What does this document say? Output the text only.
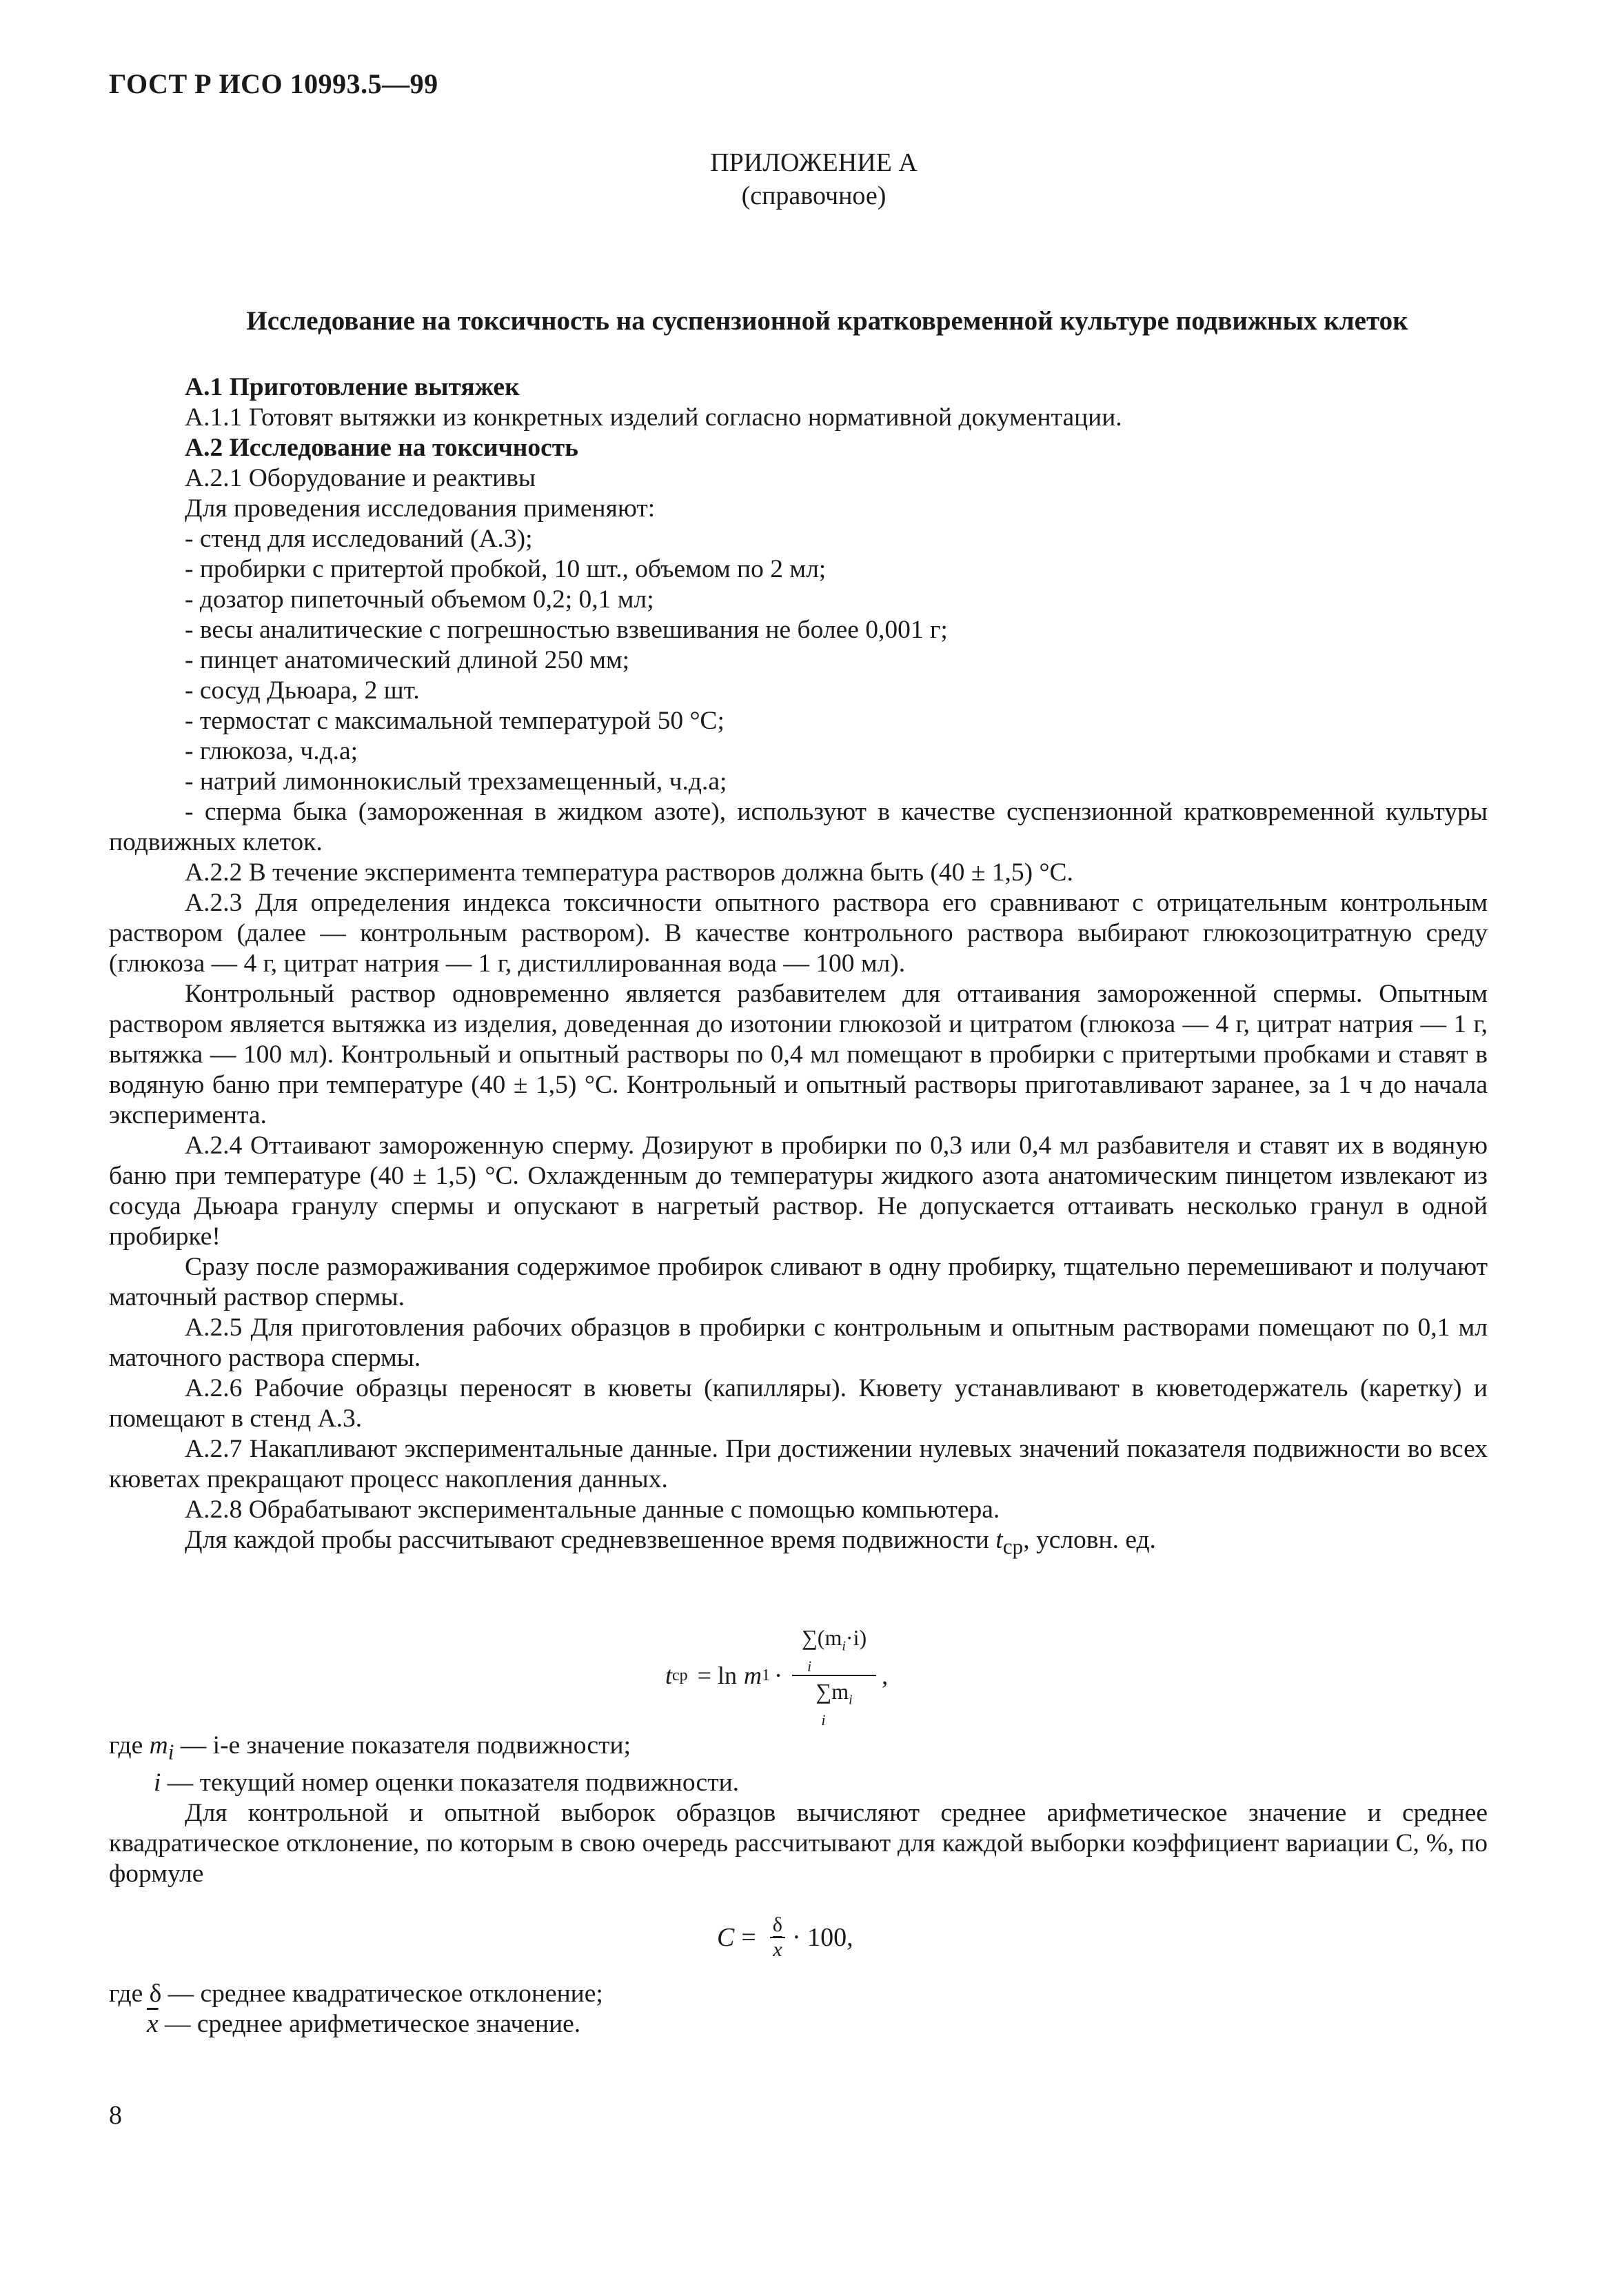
ГОСТ Р ИСО 10993.5—99
ПРИЛОЖЕНИЕ А
(справочное)
Исследование на токсичность на суспензионной кратковременной культуре подвижных клеток

А.1 Приготовление вытяжек

А.1.1 Готовят вытяжки из конкретных изделий согласно нормативной документации.

А.2 Исследование на токсичность

А.2.1 Оборудование и реактивы

Для проведения исследования применяют:

- стенд для исследований (А.3);

- пробирки с притертой пробкой, 10 шт., объемом по 2 мл;

- дозатор пипеточный объемом 0,2; 0,1 мл;

- весы аналитические с погрешностью взвешивания не более 0,001 г;

- пинцет анатомический длиной 250 мм;

- сосуд Дьюара, 2 шт.

- термостат с максимальной температурой 50 °С;

- глюкоза, ч.д.а;

- натрий лимоннокислый трехзамещенный, ч.д.а;

- сперма быка (замороженная в жидком азоте), используют в качестве суспензионной кратковременной культуры подвижных клеток.

А.2.2 В течение эксперимента температура растворов должна быть (40 ± 1,5) °С.

А.2.3 Для определения индекса токсичности опытного раствора его сравнивают с отрицательным контрольным раствором (далее — контрольным раствором). В качестве контрольного раствора выбирают глюкозоцитратную среду (глюкоза — 4 г, цитрат натрия — 1 г, дистиллированная вода — 100 мл).

Контрольный раствор одновременно является разбавителем для оттаивания замороженной спермы. Опытным раствором является вытяжка из изделия, доведенная до изотонии глюкозой и цитратом (глюкоза — 4 г, цитрат натрия — 1 г, вытяжка — 100 мл). Контрольный и опытный растворы по 0,4 мл помещают в пробирки с притертыми пробками и ставят в водяную баню при температуре (40 ± 1,5) °С. Контрольный и опытный растворы приготавливают заранее, за 1 ч до начала эксперимента.

А.2.4 Оттаивают замороженную сперму. Дозируют в пробирки по 0,3 или 0,4 мл разбавителя и ставят их в водяную баню при температуре (40 ± 1,5) °С. Охлажденным до температуры жидкого азота анатомическим пинцетом извлекают из сосуда Дьюара гранулу спермы и опускают в нагретый раствор. Не допускается оттаивать несколько гранул в одной пробирке!

Сразу после размораживания содержимое пробирок сливают в одну пробирку, тщательно перемешивают и получают маточный раствор спермы.

А.2.5 Для приготовления рабочих образцов в пробирки с контрольным и опытным растворами помещают по 0,1 мл маточного раствора спермы.

А.2.6 Рабочие образцы переносят в кюветы (капилляры). Кювету устанавливают в кюветодержатель (каретку) и помещают в стенд А.3.

А.2.7 Накапливают экспериментальные данные. При достижении нулевых значений показателя подвижности во всех кюветах прекращают процесс накопления данных.

А.2.8 Обрабатывают экспериментальные данные с помощью компьютера.

Для каждой пробы рассчитывают средневзвешенное время подвижности $t_{ср}$, условн. ед.

t ср = ln m $1 \cdot \sum(m_i\cdot i)$
i
$\sum m_i$
i ,

где $m_i$ — i-е значение показателя подвижности;

i — текущий номер оценки показателя подвижности.

Для контрольной и опытной выборок образцов вычисляют среднее арифметическое значение и среднее квадратическое отклонение, по которым в свою очередь рассчитывают для каждой выборки коэффициент вариации С, %, по формуле

$C = \frac{\delta}{x} \cdot 100$,

где δ — среднее квадратическое отклонение;

$\overline{x}$ — среднее арифметическое значение.

8
